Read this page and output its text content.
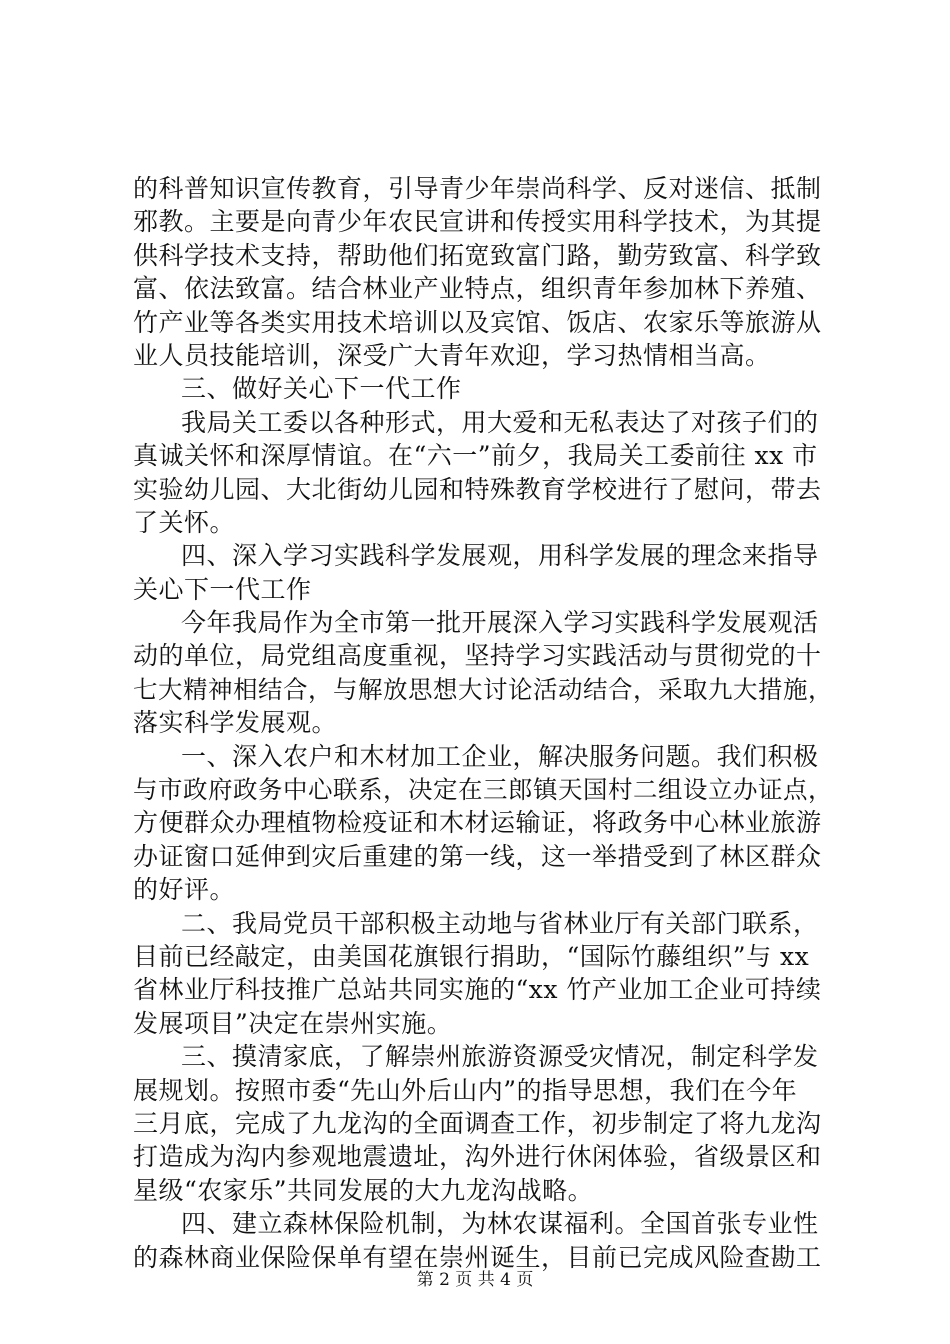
的科普知识宣传教育，引导青少年崇尚科学、反对迷信、抵制
邪教。主要是向青少年农民宣讲和传授实用科学技术，为其提
供科学技术支持，帮助他们拓宽致富门路，勤劳致富、科学致
富、依法致富。结合林业产业特点，组织青年参加林下养殖、
竹产业等各类实用技术培训以及宾馆、饭店、农家乐等旅游从
业人员技能培训，深受广大青年欢迎，学习热情相当高。
三、做好关心下一代工作
我局关工委以各种形式，用大爱和无私表达了对孩子们的
真诚关怀和深厚情谊。在“六一”前夕，我局关工委前往 xx 市
实验幼儿园、大北街幼儿园和特殊教育学校进行了慰问，带去
了关怀。
四、深入学习实践科学发展观，用科学发展的理念来指导
关心下一代工作
今年我局作为全市第一批开展深入学习实践科学发展观活
动的单位，局党组高度重视，坚持学习实践活动与贯彻党的十
七大精神相结合，与解放思想大讨论活动结合，采取九大措施，
落实科学发展观。
一、深入农户和木材加工企业，解决服务问题。我们积极
与市政府政务中心联系，决定在三郎镇天国村二组设立办证点，
方便群众办理植物检疫证和木材运输证，将政务中心林业旅游
办证窗口延伸到灾后重建的第一线，这一举措受到了林区群众
的好评。
二、我局党员干部积极主动地与省林业厅有关部门联系，
目前已经敲定，由美国花旗银行捐助，“国际竹藤组织”与 xx
省林业厅科技推广总站共同实施的“xx 竹产业加工企业可持续
发展项目”决定在崇州实施。
三、摸清家底，了解崇州旅游资源受灾情况，制定科学发
展规划。按照市委“先山外后山内”的指导思想，我们在今年
三月底，完成了九龙沟的全面调查工作，初步制定了将九龙沟
打造成为沟内参观地震遗址，沟外进行休闲体验，省级景区和
星级“农家乐”共同发展的大九龙沟战略。
四、建立森林保险机制，为林农谋福利。全国首张专业性
的森林商业保险保单有望在崇州诞生，目前已完成风险查勘工
第 2 页 共 4 页
